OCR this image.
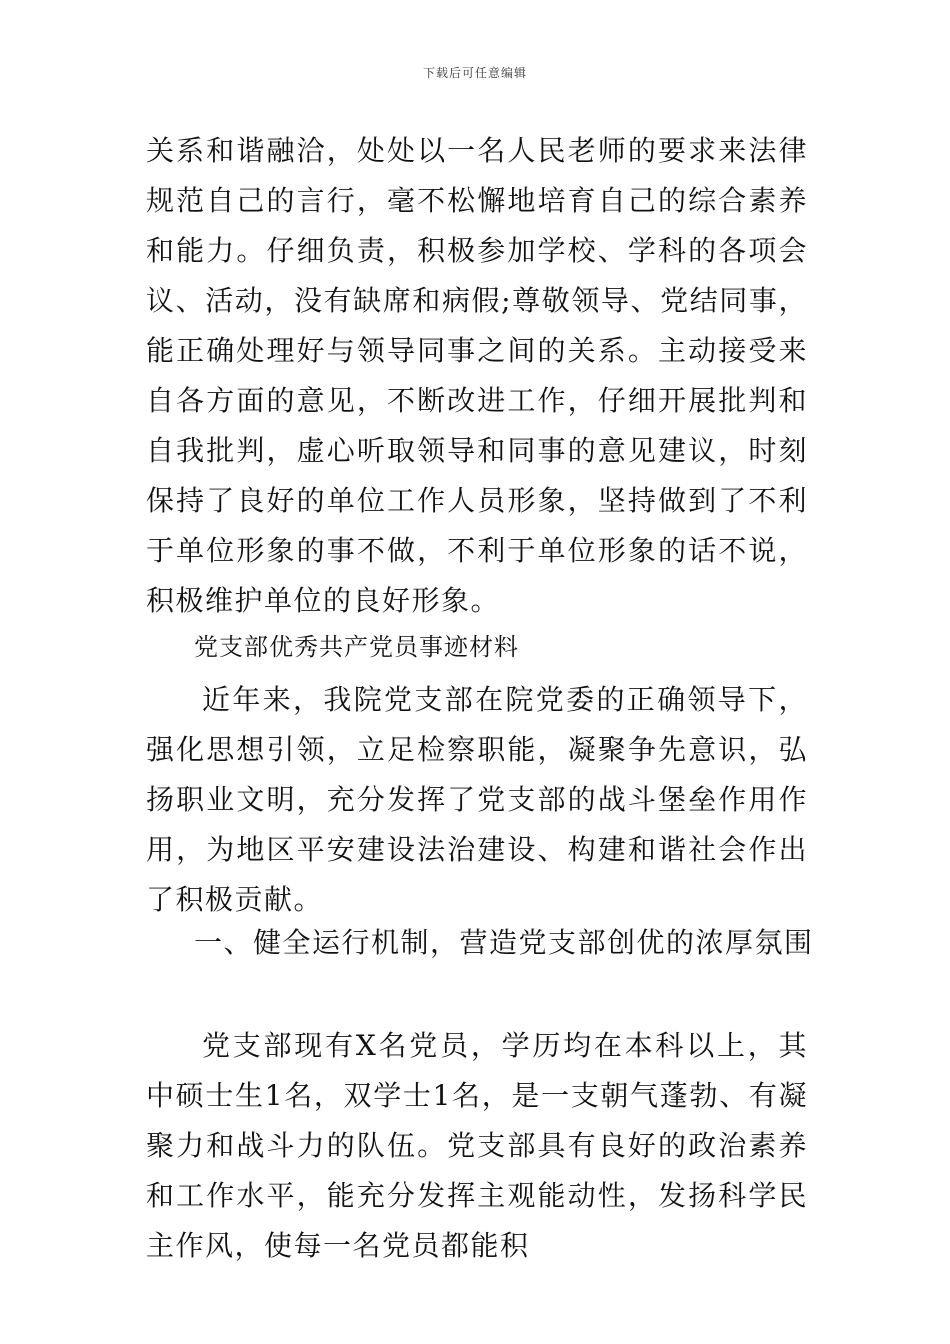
下载后可任意编辑

关系和谐融洽，处处以一名人民老师的要求来法律规范自己的言行，毫不松懈地培育自己的综合素养和能力。仔细负责，积极参加学校、学科的各项会议、活动，没有缺席和病假;尊敬领导、党结同事，能正确处理好与领导同事之间的关系。主动接受来自各方面的意见，不断改进工作，仔细开展批判和自我批判，虚心听取领导和同事的意见建议，时刻保持了良好的单位工作人员形象，坚持做到了不利于单位形象的事不做，不利于单位形象的话不说，积极维护单位的良好形象。

党支部优秀共产党员事迹材料

近年来，我院党支部在院党委的正确领导下，强化思想引领，立足检察职能，凝聚争先意识，弘扬职业文明，充分发挥了党支部的战斗堡垒作用作用，为地区平安建设法治建设、构建和谐社会作出了积极贡献。

一、健全运行机制，营造党支部创优的浓厚氛围

党支部现有X名党员，学历均在本科以上，其中硕士生1名，双学士1名，是一支朝气蓬勃、有凝聚力和战斗力的队伍。党支部具有良好的政治素养和工作水平，能充分发挥主观能动性，发扬科学民主作风，使每一名党员都能积
